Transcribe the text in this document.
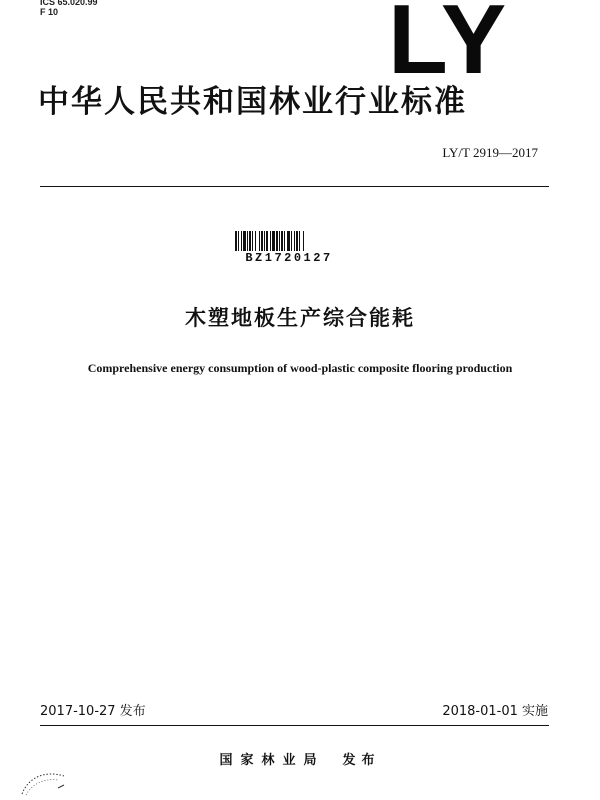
ICS 65.020.99
F 10	LY
中华人民共和国林业行业标准
LY/T 2919—2017
BZ1720127
木塑地板生产综合能耗
Comprehensive energy consumption of wood-plastic composite flooring production
2017-10-27 发布	2018-01-01 实施
国家林业局 发布
